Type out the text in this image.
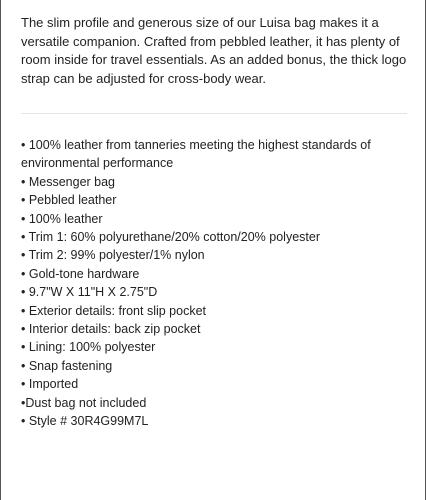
The slim profile and generous size of our Luisa bag makes it a versatile companion. Crafted from pebbled leather, it has plenty of room inside for travel essentials. As an added bonus, the thick logo strap can be adjusted for cross-body wear.

• 100% leather from tanneries meeting the highest standards of environmental performance
• Messenger bag
• Pebbled leather
• 100% leather
• Trim 1: 60% polyurethane/20% cotton/20% polyester
• Trim 2: 99% polyester/1% nylon
• Gold-tone hardware
• 9.7"W X 11"H X 2.75"D
• Exterior details: front slip pocket
• Interior details: back zip pocket
• Lining: 100% polyester
• Snap fastening
• Imported
•Dust bag not included
• Style # 30R4G99M7L
